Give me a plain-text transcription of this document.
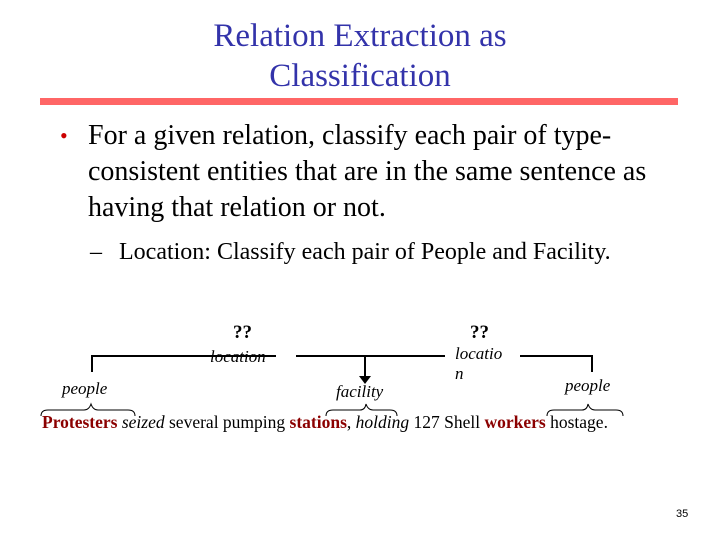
Relation Extraction as
Classification
• For a given relation, classify each pair of type-consistent entities that are in the same sentence as having that relation or not.
– Location: Classify each pair of People and Facility.
??	??
location	locatio
n
people	facility	people
Protesters seized several pumping stations, holding 127 Shell workers hostage.
35
